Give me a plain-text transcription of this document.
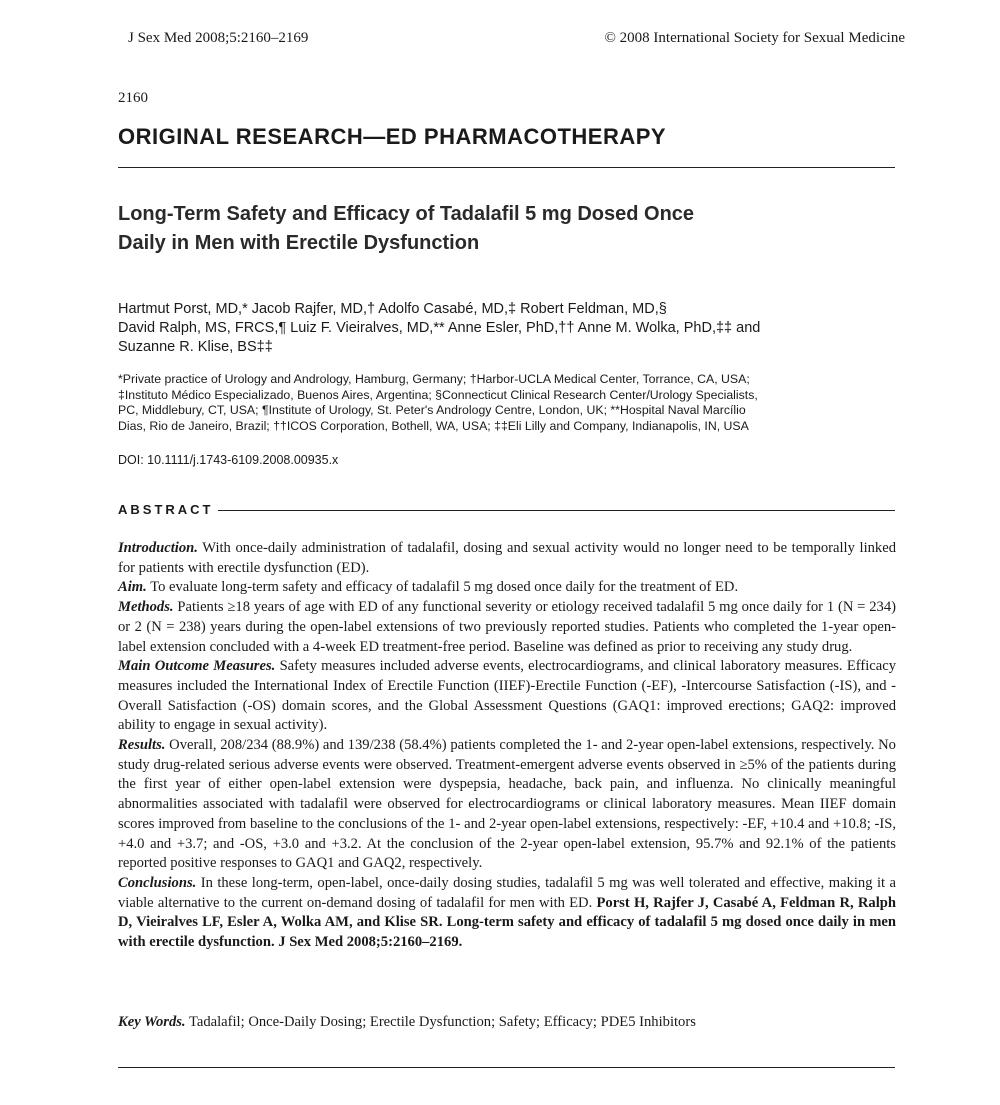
J Sex Med 2008;5:2160–2169	© 2008 International Society for Sexual Medicine
2160
ORIGINAL RESEARCH—ED PHARMACOTHERAPY
Long-Term Safety and Efficacy of Tadalafil 5 mg Dosed Once
Daily in Men with Erectile Dysfunction
Hartmut Porst, MD,* Jacob Rajfer, MD,† Adolfo Casabé, MD,‡ Robert Feldman, MD,§
David Ralph, MS, FRCS,¶ Luiz F. Vieiralves, MD,** Anne Esler, PhD,†† Anne M. Wolka, PhD,‡‡ and
Suzanne R. Klise, BS‡‡
*Private practice of Urology and Andrology, Hamburg, Germany; †Harbor-UCLA Medical Center, Torrance, CA, USA;
‡Instituto Médico Especializado, Buenos Aires, Argentina; §Connecticut Clinical Research Center/Urology Specialists,
PC, Middlebury, CT, USA; ¶Institute of Urology, St. Peter's Andrology Centre, London, UK; **Hospital Naval Marcílio
Dias, Rio de Janeiro, Brazil; ††ICOS Corporation, Bothell, WA, USA; ‡‡Eli Lilly and Company, Indianapolis, IN, USA
DOI: 10.1111/j.1743-6109.2008.00935.x
ABSTRACT

Introduction. With once-daily administration of tadalafil, dosing and sexual activity would no longer need to be temporally linked for patients with erectile dysfunction (ED).

Aim. To evaluate long-term safety and efficacy of tadalafil 5 mg dosed once daily for the treatment of ED.

Methods. Patients ≥18 years of age with ED of any functional severity or etiology received tadalafil 5 mg once daily for 1 (N = 234) or 2 (N = 238) years during the open-label extensions of two previously reported studies. Patients who completed the 1-year open-label extension concluded with a 4-week ED treatment-free period. Baseline was defined as prior to receiving any study drug.

Main Outcome Measures. Safety measures included adverse events, electrocardiograms, and clinical laboratory measures. Efficacy measures included the International Index of Erectile Function (IIEF)-Erectile Function (-EF), -Intercourse Satisfaction (-IS), and -Overall Satisfaction (-OS) domain scores, and the Global Assessment Questions (GAQ1: improved erections; GAQ2: improved ability to engage in sexual activity).

Results. Overall, 208/234 (88.9%) and 139/238 (58.4%) patients completed the 1- and 2-year open-label extensions, respectively. No study drug-related serious adverse events were observed. Treatment-emergent adverse events observed in ≥5% of the patients during the first year of either open-label extension were dyspepsia, headache, back pain, and influenza. No clinically meaningful abnormalities associated with tadalafil were observed for electrocardiograms or clinical laboratory measures. Mean IIEF domain scores improved from baseline to the conclusions of the 1- and 2-year open-label extensions, respectively: -EF, +10.4 and +10.8; -IS, +4.0 and +3.7; and -OS, +3.0 and +3.2. At the conclusion of the 2-year open-label extension, 95.7% and 92.1% of the patients reported positive responses to GAQ1 and GAQ2, respectively.

Conclusions. In these long-term, open-label, once-daily dosing studies, tadalafil 5 mg was well tolerated and effective, making it a viable alternative to the current on-demand dosing of tadalafil for men with ED. Porst H, Rajfer J, Casabé A, Feldman R, Ralph D, Vieiralves LF, Esler A, Wolka AM, and Klise SR. Long-term safety and efficacy of tadalafil 5 mg dosed once daily in men with erectile dysfunction. J Sex Med 2008;5:2160–2169.

Key Words. Tadalafil; Once-Daily Dosing; Erectile Dysfunction; Safety; Efficacy; PDE5 Inhibitors
